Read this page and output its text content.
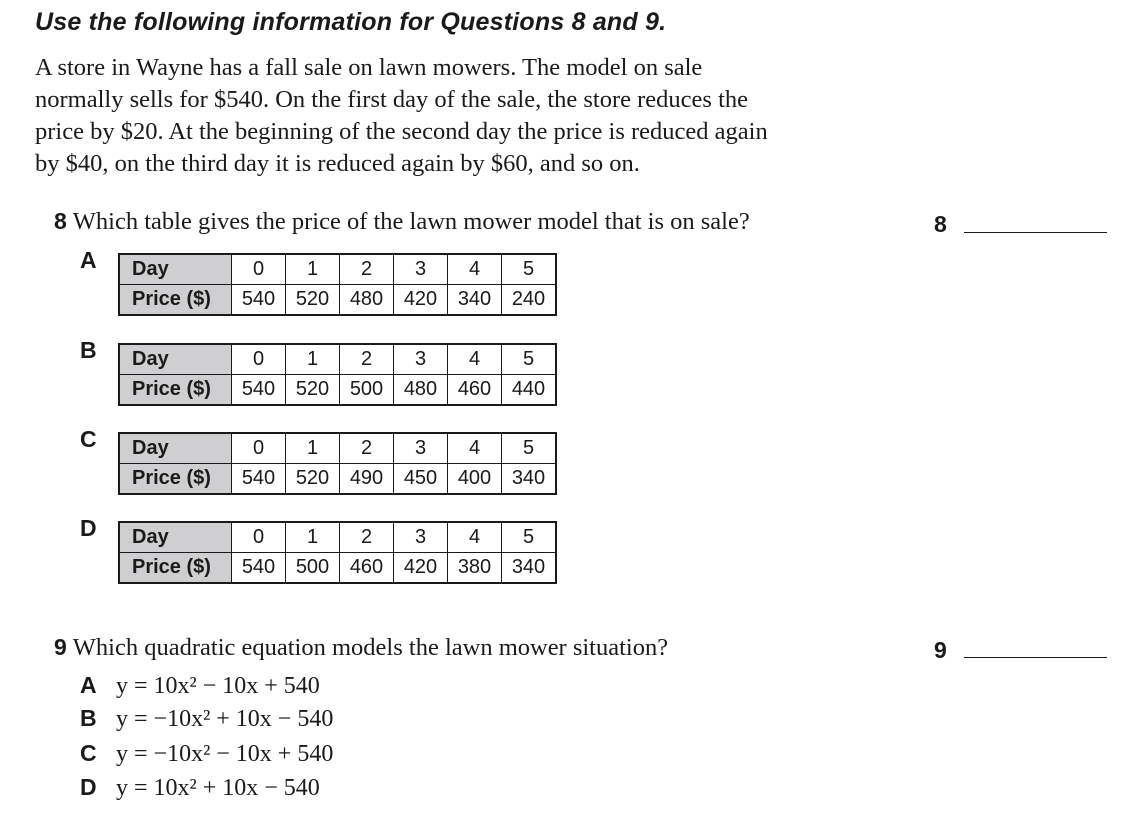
Use the following information for Questions 8 and 9.
A store in Wayne has a fall sale on lawn mowers. The model on sale
normally sells for $540. On the first day of the sale, the store reduces the
price by $20. At the beginning of the second day the price is reduced again
by $40, on the third day it is reduced again by $60, and so on.
8 Which table gives the price of the lawn mower model that is on sale?	8
A Day	0	1	2	3	4	5
Price ($)	540	520	480	420	340	240
B Day	0	1	2	3	4	5
Price ($)	540	520	500	480	460	440
C Day	0	1	2	3	4	5
Price ($)	540	520	490	450	400	340
D Day	0	1	2	3	4	5
Price ($)	540	500	460	420	380	340
9 Which quadratic equation models the lawn mower situation?	9
A y = 10x² − 10x + 540
B y = −10x² + 10x − 540
C y = −10x² − 10x + 540
D y = 10x² + 10x − 540
